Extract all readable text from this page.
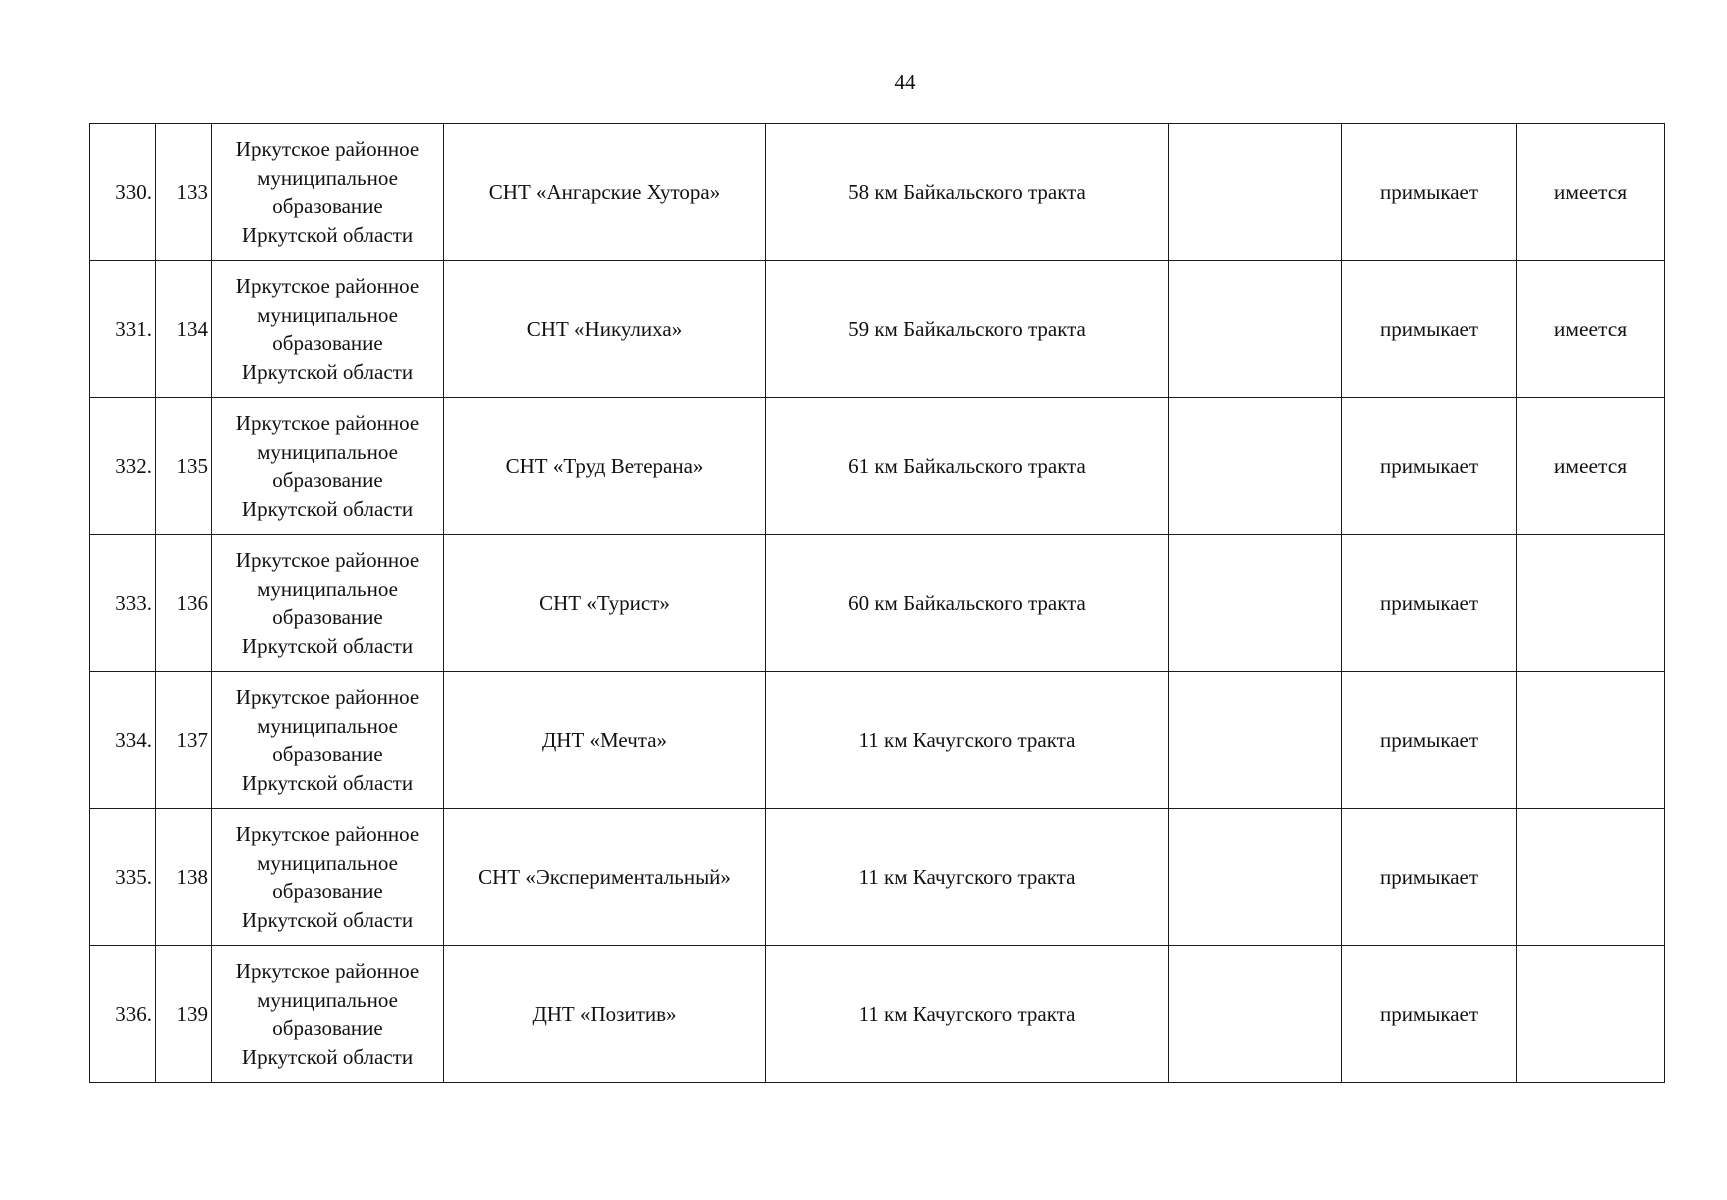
44
330.	133	Иркутское районное
муниципальное
образование
Иркутской области	СНТ «Ангарские Хутора»	58 км Байкальского тракта		примыкает	имеется
331.	134	Иркутское районное
муниципальное
образование
Иркутской области	СНТ «Никулиха»	59 км Байкальского тракта		примыкает	имеется
332.	135	Иркутское районное
муниципальное
образование
Иркутской области	СНТ «Труд Ветерана»	61 км Байкальского тракта		примыкает	имеется
333.	136	Иркутское районное
муниципальное
образование
Иркутской области	СНТ «Турист»	60 км Байкальского тракта		примыкает	
334.	137	Иркутское районное
муниципальное
образование
Иркутской области	ДНТ «Мечта»	11 км Качугского тракта		примыкает	
335.	138	Иркутское районное
муниципальное
образование
Иркутской области	СНТ «Экспериментальный»	11 км Качугского тракта		примыкает	
336.	139	Иркутское районное
муниципальное
образование
Иркутской области	ДНТ «Позитив»	11 км Качугского тракта		примыкает	
